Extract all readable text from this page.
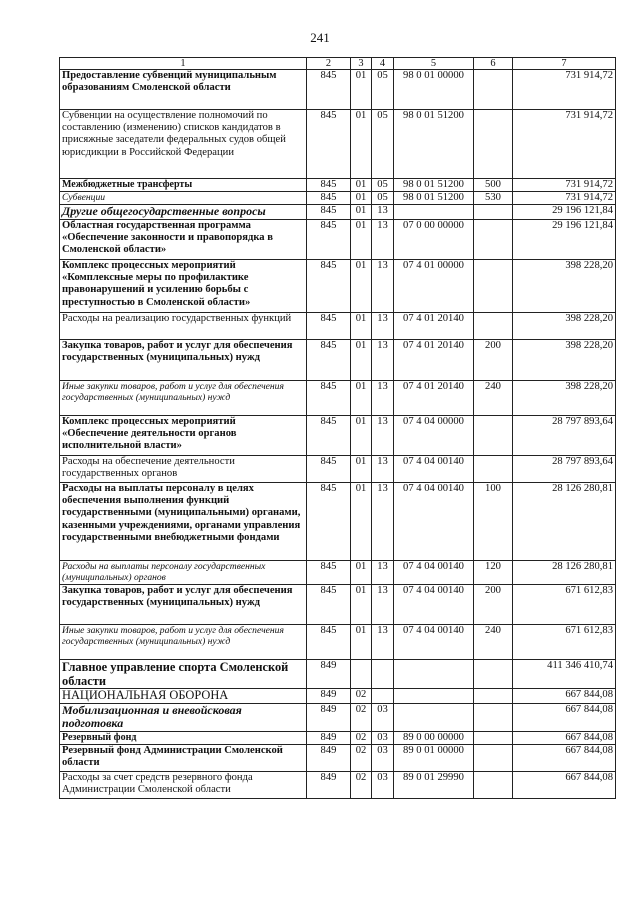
241
1	2	3	4	5	6	7
Предоставление субвенций муниципальным образованиям Смоленской области	845	01	05	98 0 01 00000		731 914,72
Субвенции на осуществление полномочий по составлению (изменению) списков кандидатов в присяжные заседатели федеральных судов общей юрисдикции в Российской Федерации	845	01	05	98 0 01 51200		731 914,72
Межбюджетные трансферты	845	01	05	98 0 01 51200	500	731 914,72
Субвенции	845	01	05	98 0 01 51200	530	731 914,72
Другие общегосударственные вопросы	845	01	13			29 196 121,84
Областная государственная программа «Обеспечение законности и правопорядка в Смоленской области»	845	01	13	07 0 00 00000		29 196 121,84
Комплекс процессных мероприятий «Комплексные меры по профилактике правонарушений и усилению борьбы с преступностью в Смоленской области»	845	01	13	07 4 01 00000		398 228,20
Расходы на реализацию государственных функций	845	01	13	07 4 01 20140		398 228,20
Закупка товаров, работ и услуг для обеспечения государственных (муниципальных) нужд	845	01	13	07 4 01 20140	200	398 228,20
Иные закупки товаров, работ и услуг для обеспечения государственных (муниципальных) нужд	845	01	13	07 4 01 20140	240	398 228,20
Комплекс процессных мероприятий «Обеспечение деятельности органов исполнительной власти»	845	01	13	07 4 04 00000		28 797 893,64
Расходы на обеспечение деятельности государственных органов	845	01	13	07 4 04 00140		28 797 893,64
Расходы на выплаты персоналу в целях обеспечения выполнения функций государственными (муниципальными) органами, казенными учреждениями, органами управления государственными внебюджетными фондами	845	01	13	07 4 04 00140	100	28 126 280,81
Расходы на выплаты персоналу государственных (муниципальных) органов	845	01	13	07 4 04 00140	120	28 126 280,81
Закупка товаров, работ и услуг для обеспечения государственных (муниципальных) нужд	845	01	13	07 4 04 00140	200	671 612,83
Иные закупки товаров, работ и услуг для обеспечения государственных (муниципальных) нужд	845	01	13	07 4 04 00140	240	671 612,83
Главное управление спорта Смоленской области	849					411 346 410,74
НАЦИОНАЛЬНАЯ ОБОРОНА	849	02				667 844,08
Мобилизационная и вневойсковая подготовка	849	02	03			667 844,08
Резервный фонд	849	02	03	89 0 00 00000		667 844,08
Резервный фонд Администрации Смоленской области	849	02	03	89 0 01 00000		667 844,08
Расходы за счет средств резервного фонда Администрации Смоленской области	849	02	03	89 0 01 29990		667 844,08
